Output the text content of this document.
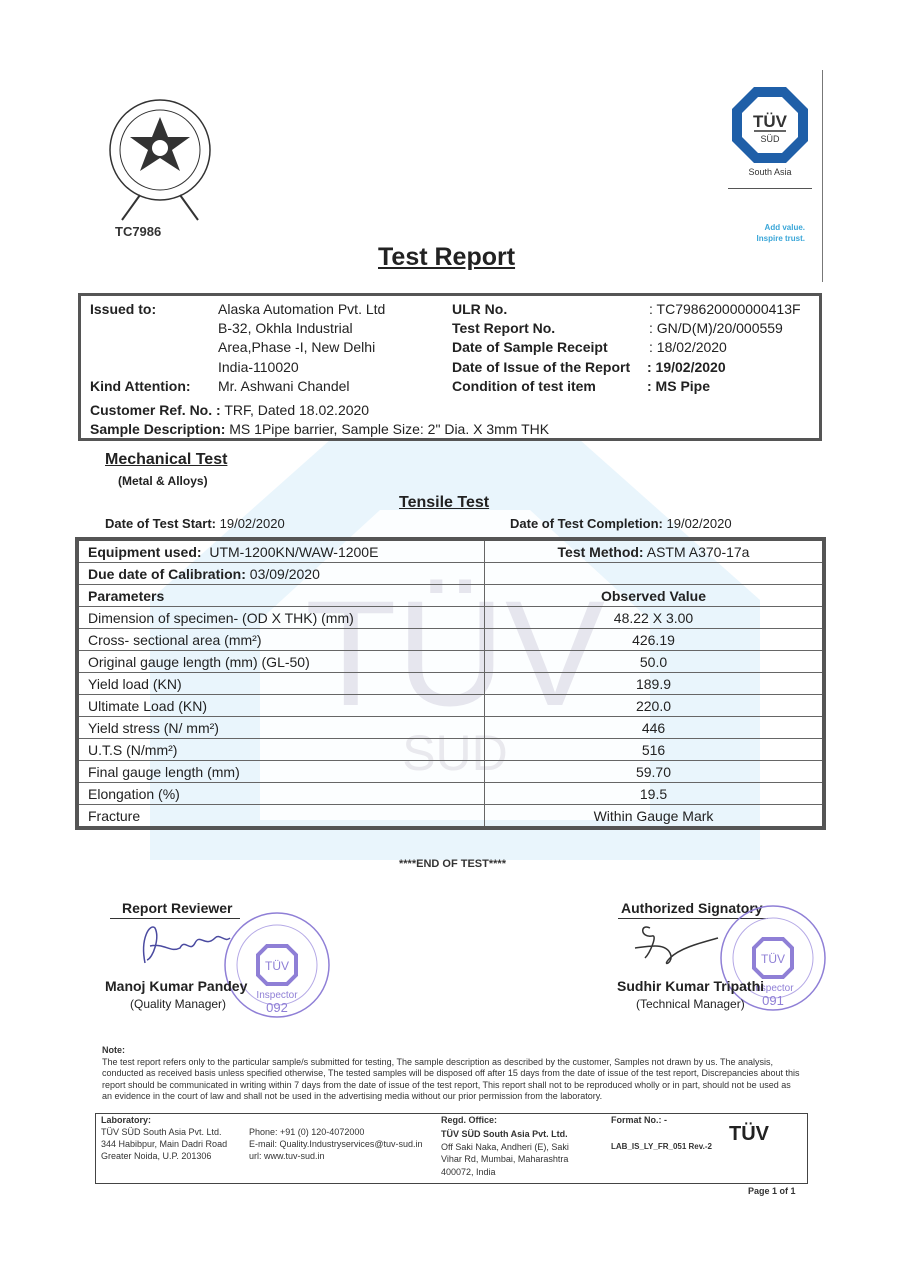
TÜV
SUD
TC7986
TÜV
SÜD
South Asia
Add value.
Inspire trust.
Test Report
Issued to:	Alaska Automation Pvt. Ltd
B-32, Okhla Industrial
Area,Phase -I, New Delhi
India-110020
Kind Attention: Mr. Ashwani Chandel
ULR No.	: TC798620000000413F
Test Report No.	: GN/D(M)/20/000559
Date of Sample Receipt	: 18/02/2020
Date of Issue of the Report : 19/02/2020
Condition of test item	: MS Pipe
Customer Ref. No. : TRF, Dated 18.02.2020
Sample Description: MS 1Pipe barrier, Sample Size: 2" Dia. X 3mm THK
Mechanical Test
(Metal & Alloys)
Tensile Test
Date of Test Start: 19/02/2020	Date of Test Completion: 19/02/2020
Equipment used: UTM-1200KN/WAW-1200E	Test Method: ASTM A370-17a
Due date of Calibration: 03/09/2020	
Parameters	Observed Value
Dimension of specimen- (OD X THK) (mm)	48.22 X 3.00
Cross- sectional area (mm²)	426.19
Original gauge length (mm) (GL-50)	50.0
Yield load (KN)	189.9
Ultimate Load (KN)	220.0
Yield stress (N/ mm²)	446
U.T.S (N/mm²)	516
Final gauge length (mm)	59.70
Elongation (%)	19.5
Fracture	Within Gauge Mark
****END OF TEST****
Report Reviewer
TÜV
Inspector
092
Manoj Kumar Pandey
(Quality Manager)
Authorized Signatory
TÜV
Inspector
091
Sudhir Kumar Tripathi
(Technical Manager)
Note:
The test report refers only to the particular sample/s submitted for testing, The sample description as described by the customer, Samples not drawn by us. The analysis, conducted as received basis unless specified otherwise, The tested samples will be disposed off after 15 days from the date of issue of the test report, Discrepancies about this report should be communicated in writing within 7 days from the date of issue of the test report, This report shall not to be reproduced wholly or in part, should not be used as an evidence in the court of law and shall not be used in the advertising media without our prior permission from the laboratory.
Laboratory:
TÜV SÜD South Asia Pvt. Ltd.
344 Habibpur, Main Dadri Road
Greater Noida, U.P. 201306
Phone: +91 (0) 120-4072000
E-mail: Quality.Industryservices@tuv-sud.in
url: www.tuv-sud.in
Regd. Office:
TÜV SÜD South Asia Pvt. Ltd.
Off Saki Naka, Andheri (E), Saki
Vihar Rd, Mumbai, Maharashtra
400072, India
Format No.: -
LAB_IS_LY_FR_051 Rev.-2
TÜV
Page 1 of 1
